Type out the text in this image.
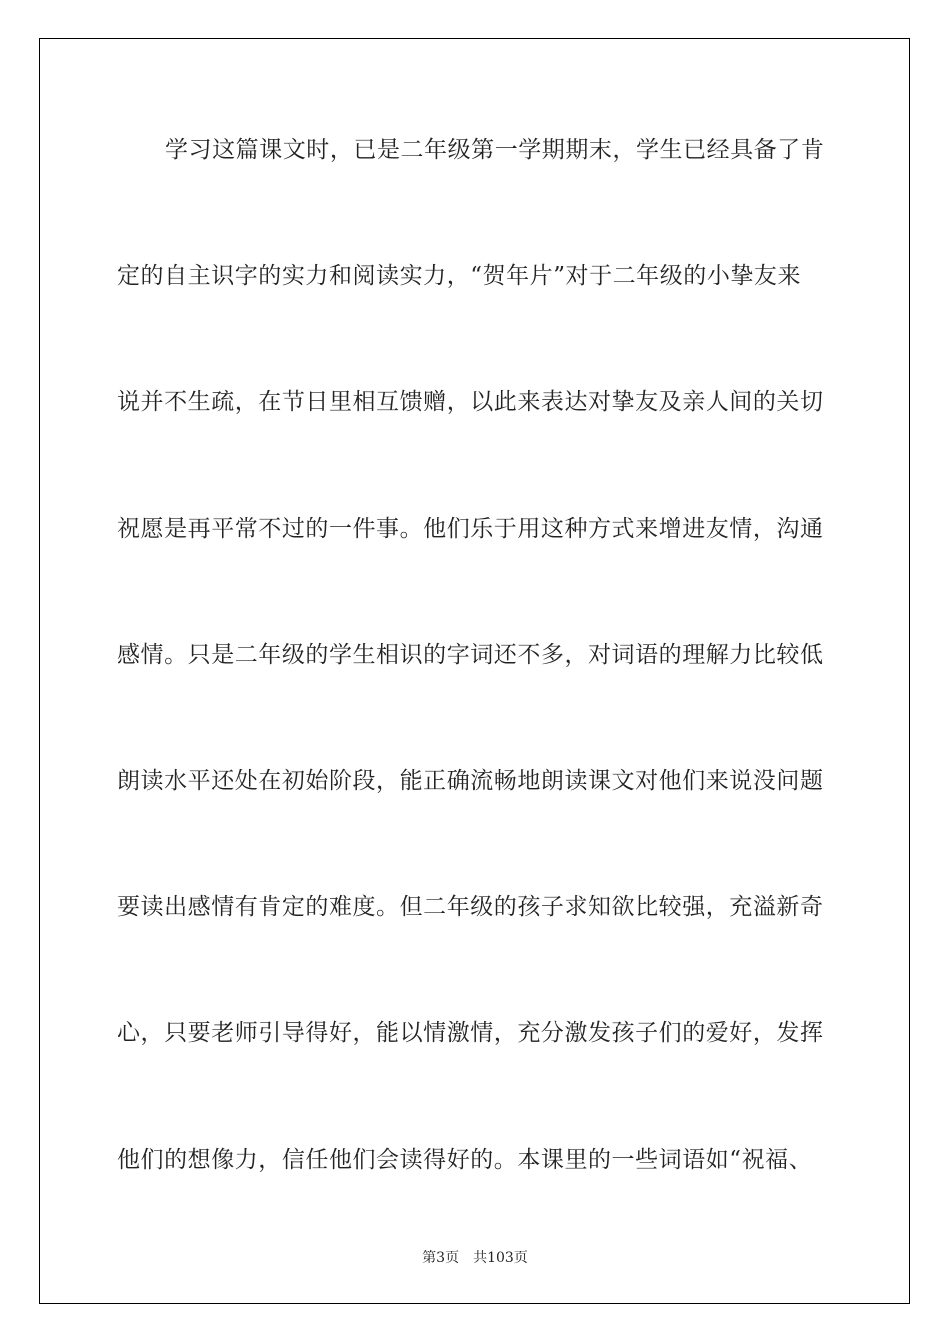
学习这篇课文时，已是二年级第一学期期末，学生已经具备了肯
定的自主识字的实力和阅读实力，“贺年片”对于二年级的小挚友来
说并不生疏，在节日里相互馈赠，以此来表达对挚友及亲人间的关切
祝愿是再平常不过的一件事。他们乐于用这种方式来增进友情，沟通
感情。只是二年级的学生相识的字词还不多，对词语的理解力比较低
朗读水平还处在初始阶段，能正确流畅地朗读课文对他们来说没问题
要读出感情有肯定的难度。但二年级的孩子求知欲比较强，充溢新奇
心，只要老师引导得好，能以情激情，充分激发孩子们的爱好，发挥
他们的想像力，信任他们会读得好的。本课里的一些词语如“祝福、
第3页 共103页
